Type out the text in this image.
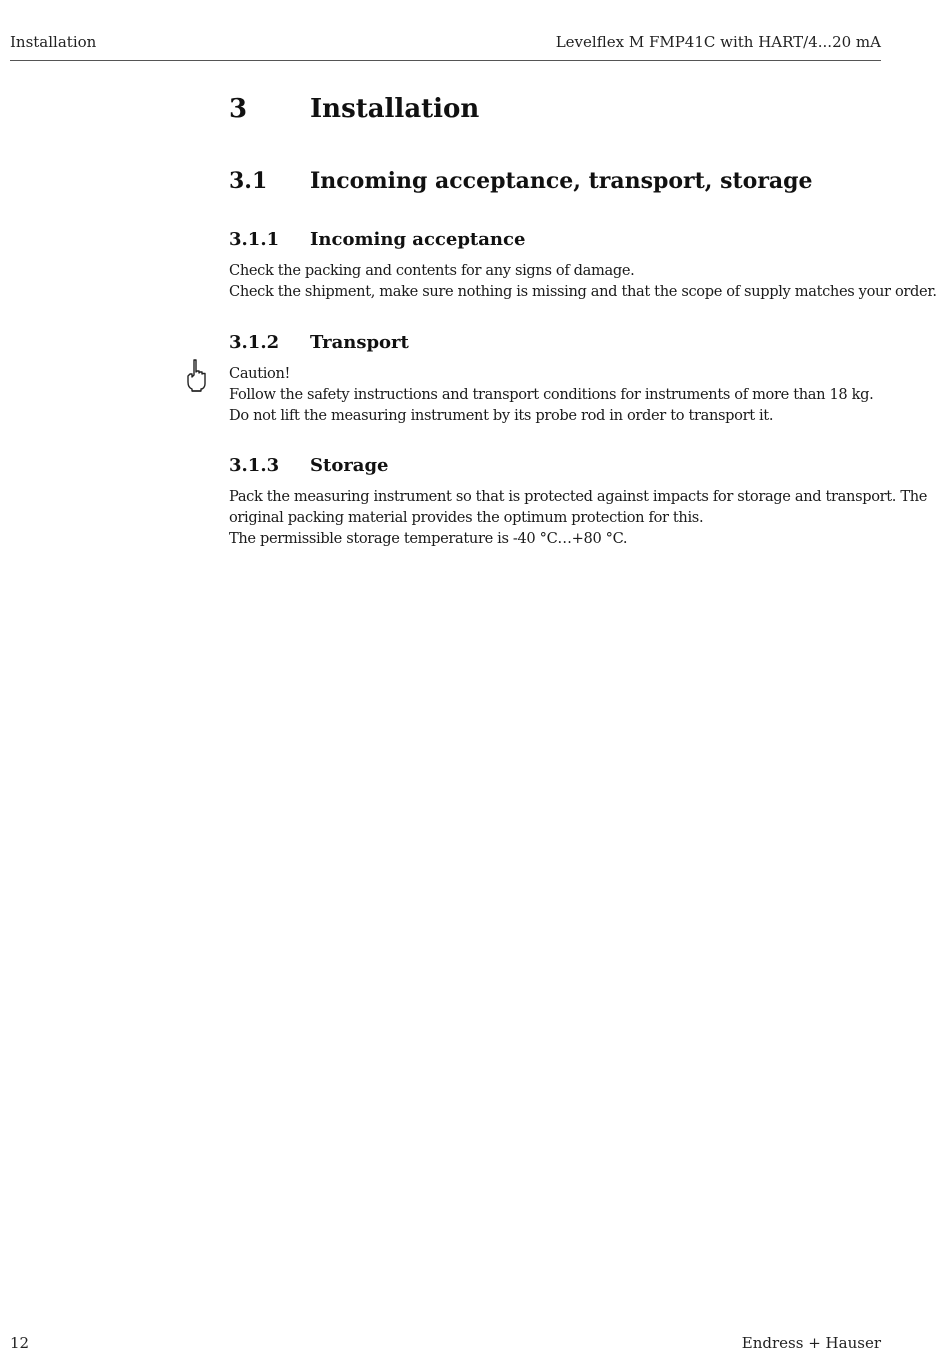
Installation	Levelflex M FMP41C with HART/4...20 mA
3 Installation
3.1 Incoming acceptance, transport, storage
3.1.1 Incoming acceptance
Check the packing and contents for any signs of damage.
Check the shipment, make sure nothing is missing and that the scope of supply matches your order.
3.1.2 Transport
Caution!
Follow the safety instructions and transport conditions for instruments of more than 18 kg.
Do not lift the measuring instrument by its probe rod in order to transport it.
3.1.3 Storage
Pack the measuring instrument so that is protected against impacts for storage and transport. The
original packing material provides the optimum protection for this.
The permissible storage temperature is -40 °C…+80 °C.
12	Endress + Hauser
